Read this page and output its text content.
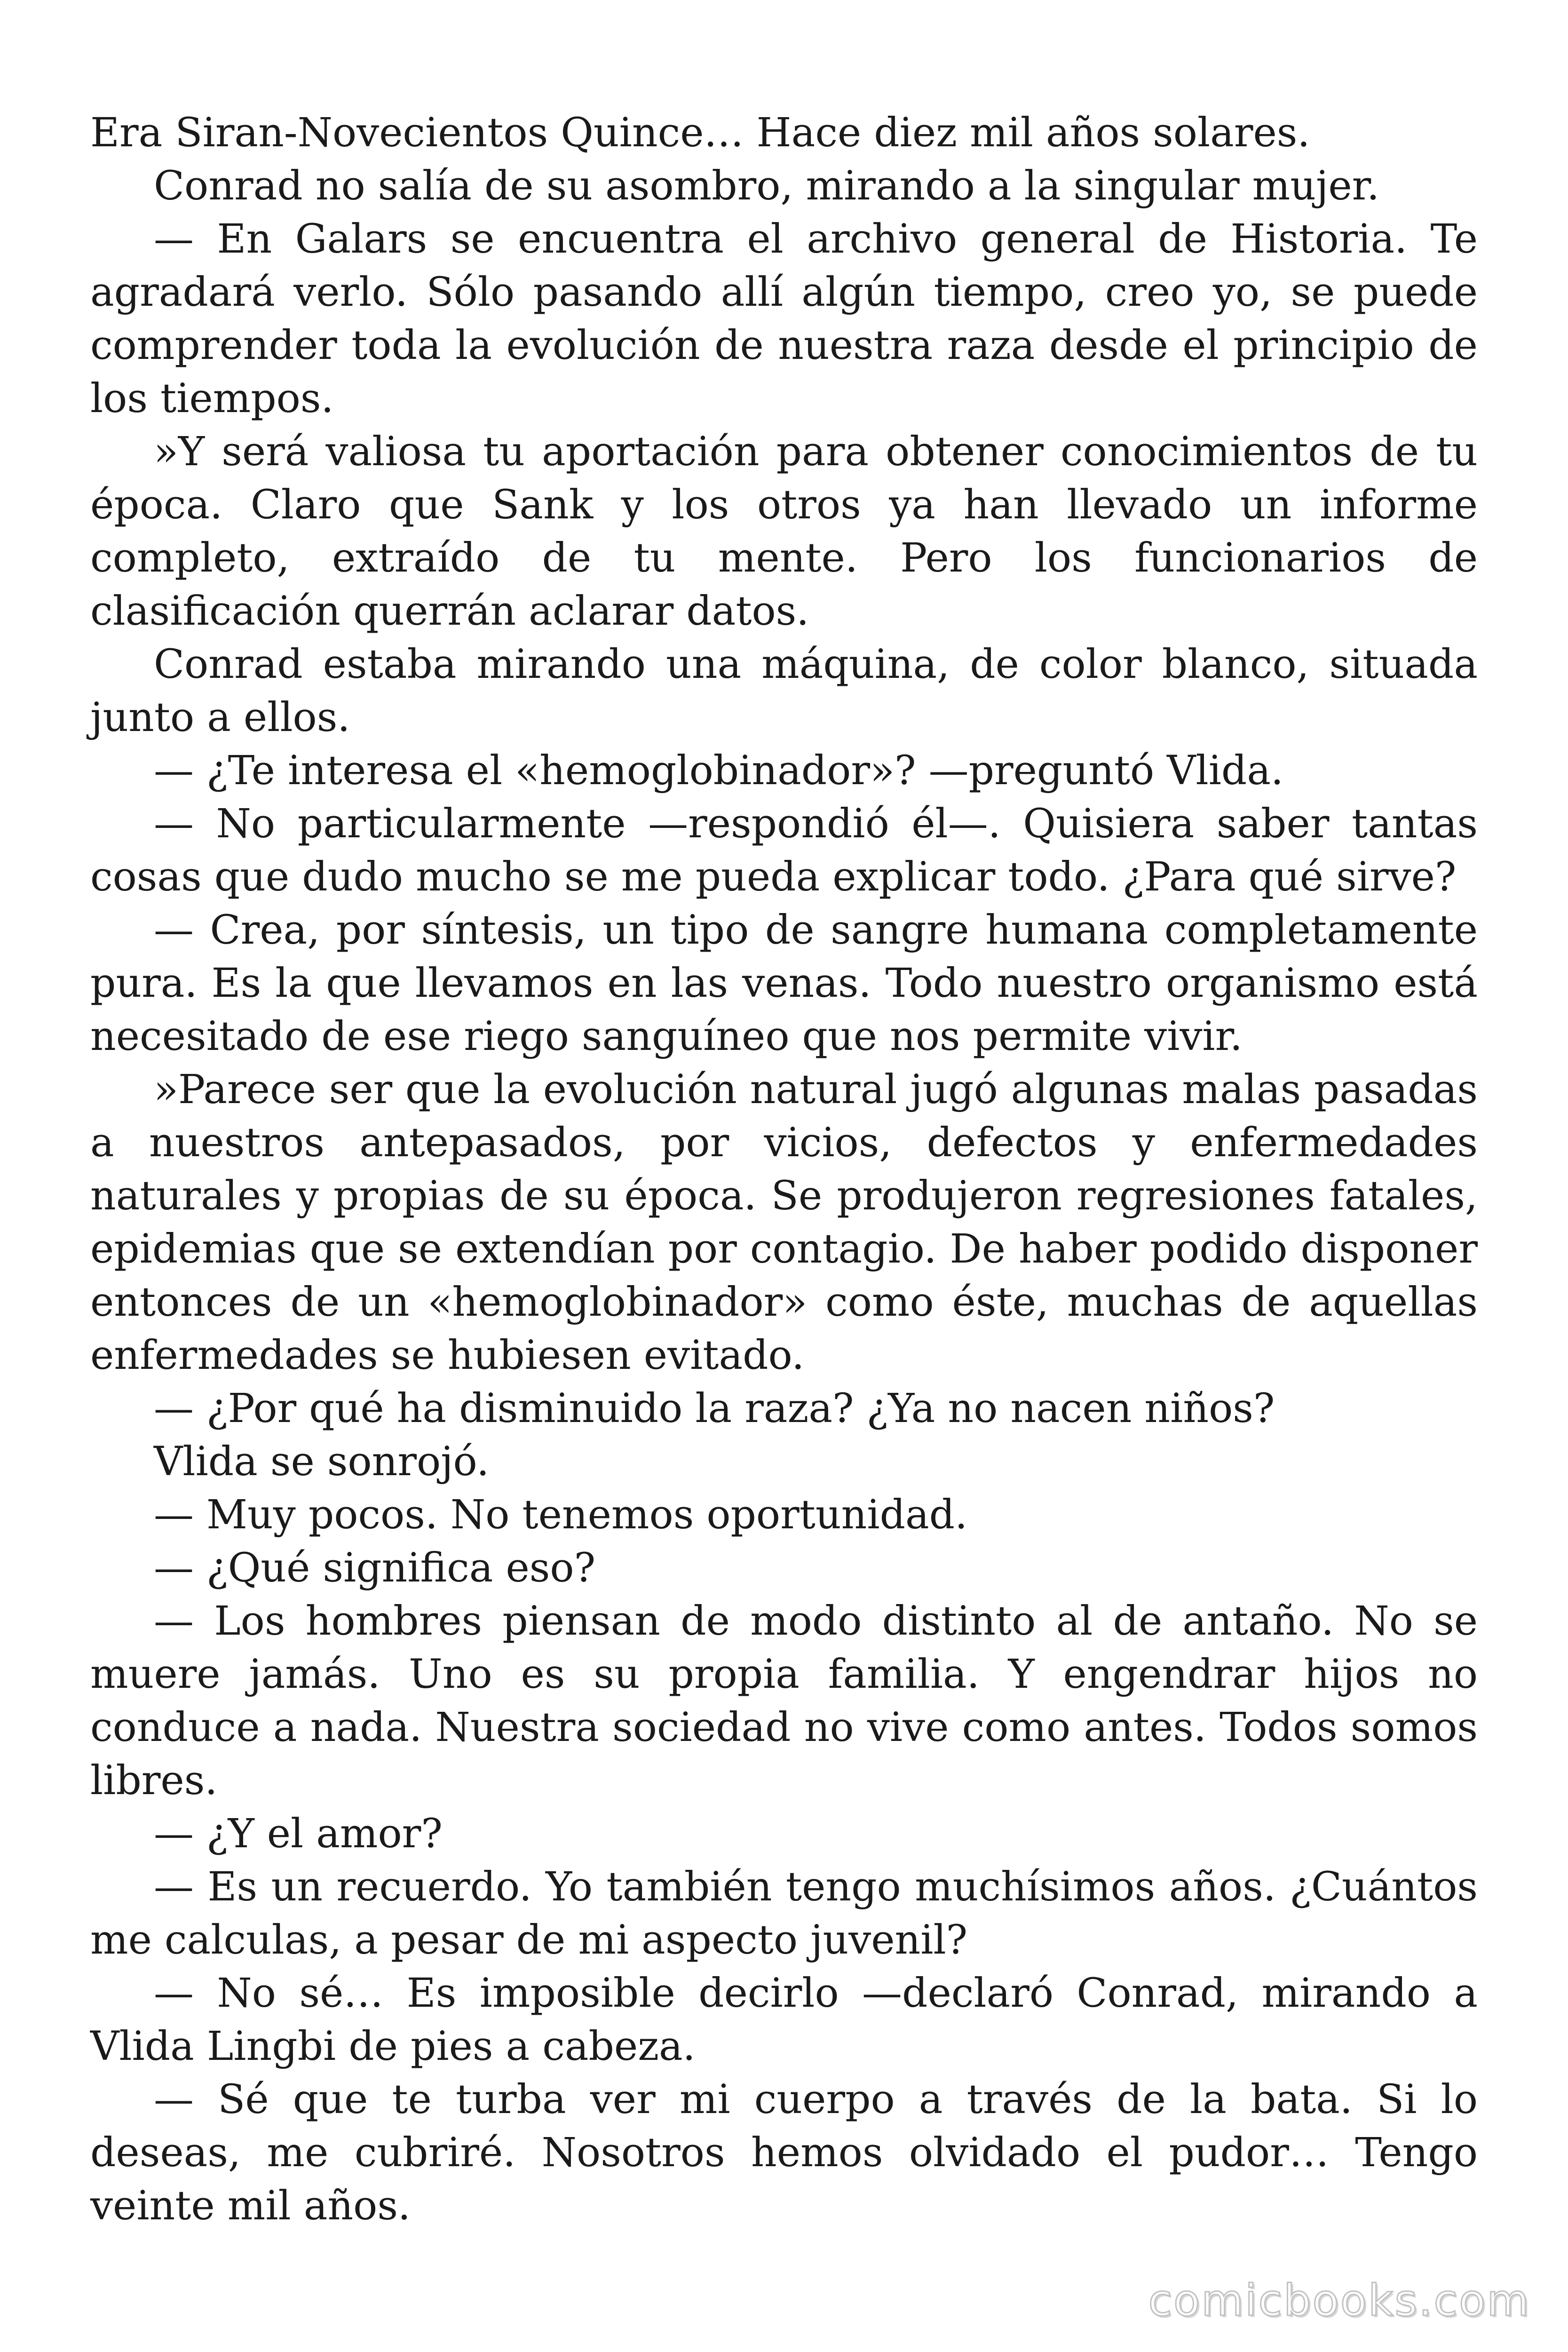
Era Siran-Novecientos Quince… Hace diez mil años solares.

Conrad no salía de su asombro, mirando a la singular mujer.

— En Galars se encuentra el archivo general de Historia. Te agradará verlo. Sólo pasando allí algún tiempo, creo yo, se puede comprender toda la evolución de nuestra raza desde el principio de los tiempos.

»Y será valiosa tu aportación para obtener conocimientos de tu época. Claro que Sank y los otros ya han llevado un informe completo, extraído de tu mente. Pero los funcionarios de clasificación querrán aclarar datos.

Conrad estaba mirando una máquina, de color blanco, situada junto a ellos.

— ¿Te interesa el «hemoglobinador»? —preguntó Vlida.

— No particularmente —respondió él—. Quisiera saber tantas cosas que dudo mucho se me pueda explicar todo. ¿Para qué sirve?

— Crea, por síntesis, un tipo de sangre humana completamente pura. Es la que llevamos en las venas. Todo nuestro organismo está necesitado de ese riego sanguíneo que nos permite vivir.

»Parece ser que la evolución natural jugó algunas malas pasadas a nuestros antepasados, por vicios, defectos y enfermedades naturales y propias de su época. Se produjeron regresiones fatales, epidemias que se extendían por contagio. De haber podido disponer entonces de un «hemoglobinador» como éste, muchas de aquellas enfermedades se hubiesen evitado.

— ¿Por qué ha disminuido la raza? ¿Ya no nacen niños?

Vlida se sonrojó.

— Muy pocos. No tenemos oportunidad.

— ¿Qué significa eso?

— Los hombres piensan de modo distinto al de antaño. No se muere jamás. Uno es su propia familia. Y engendrar hijos no conduce a nada. Nuestra sociedad no vive como antes. Todos somos libres.

— ¿Y el amor?

— Es un recuerdo. Yo también tengo muchísimos años. ¿Cuántos me calculas, a pesar de mi aspecto juvenil?

— No sé… Es imposible decirlo —declaró Conrad, mirando a Vlida Lingbi de pies a cabeza.

— Sé que te turba ver mi cuerpo a través de la bata. Si lo deseas, me cubriré. Nosotros hemos olvidado el pudor… Tengo veinte mil años.

comicbooks.com
